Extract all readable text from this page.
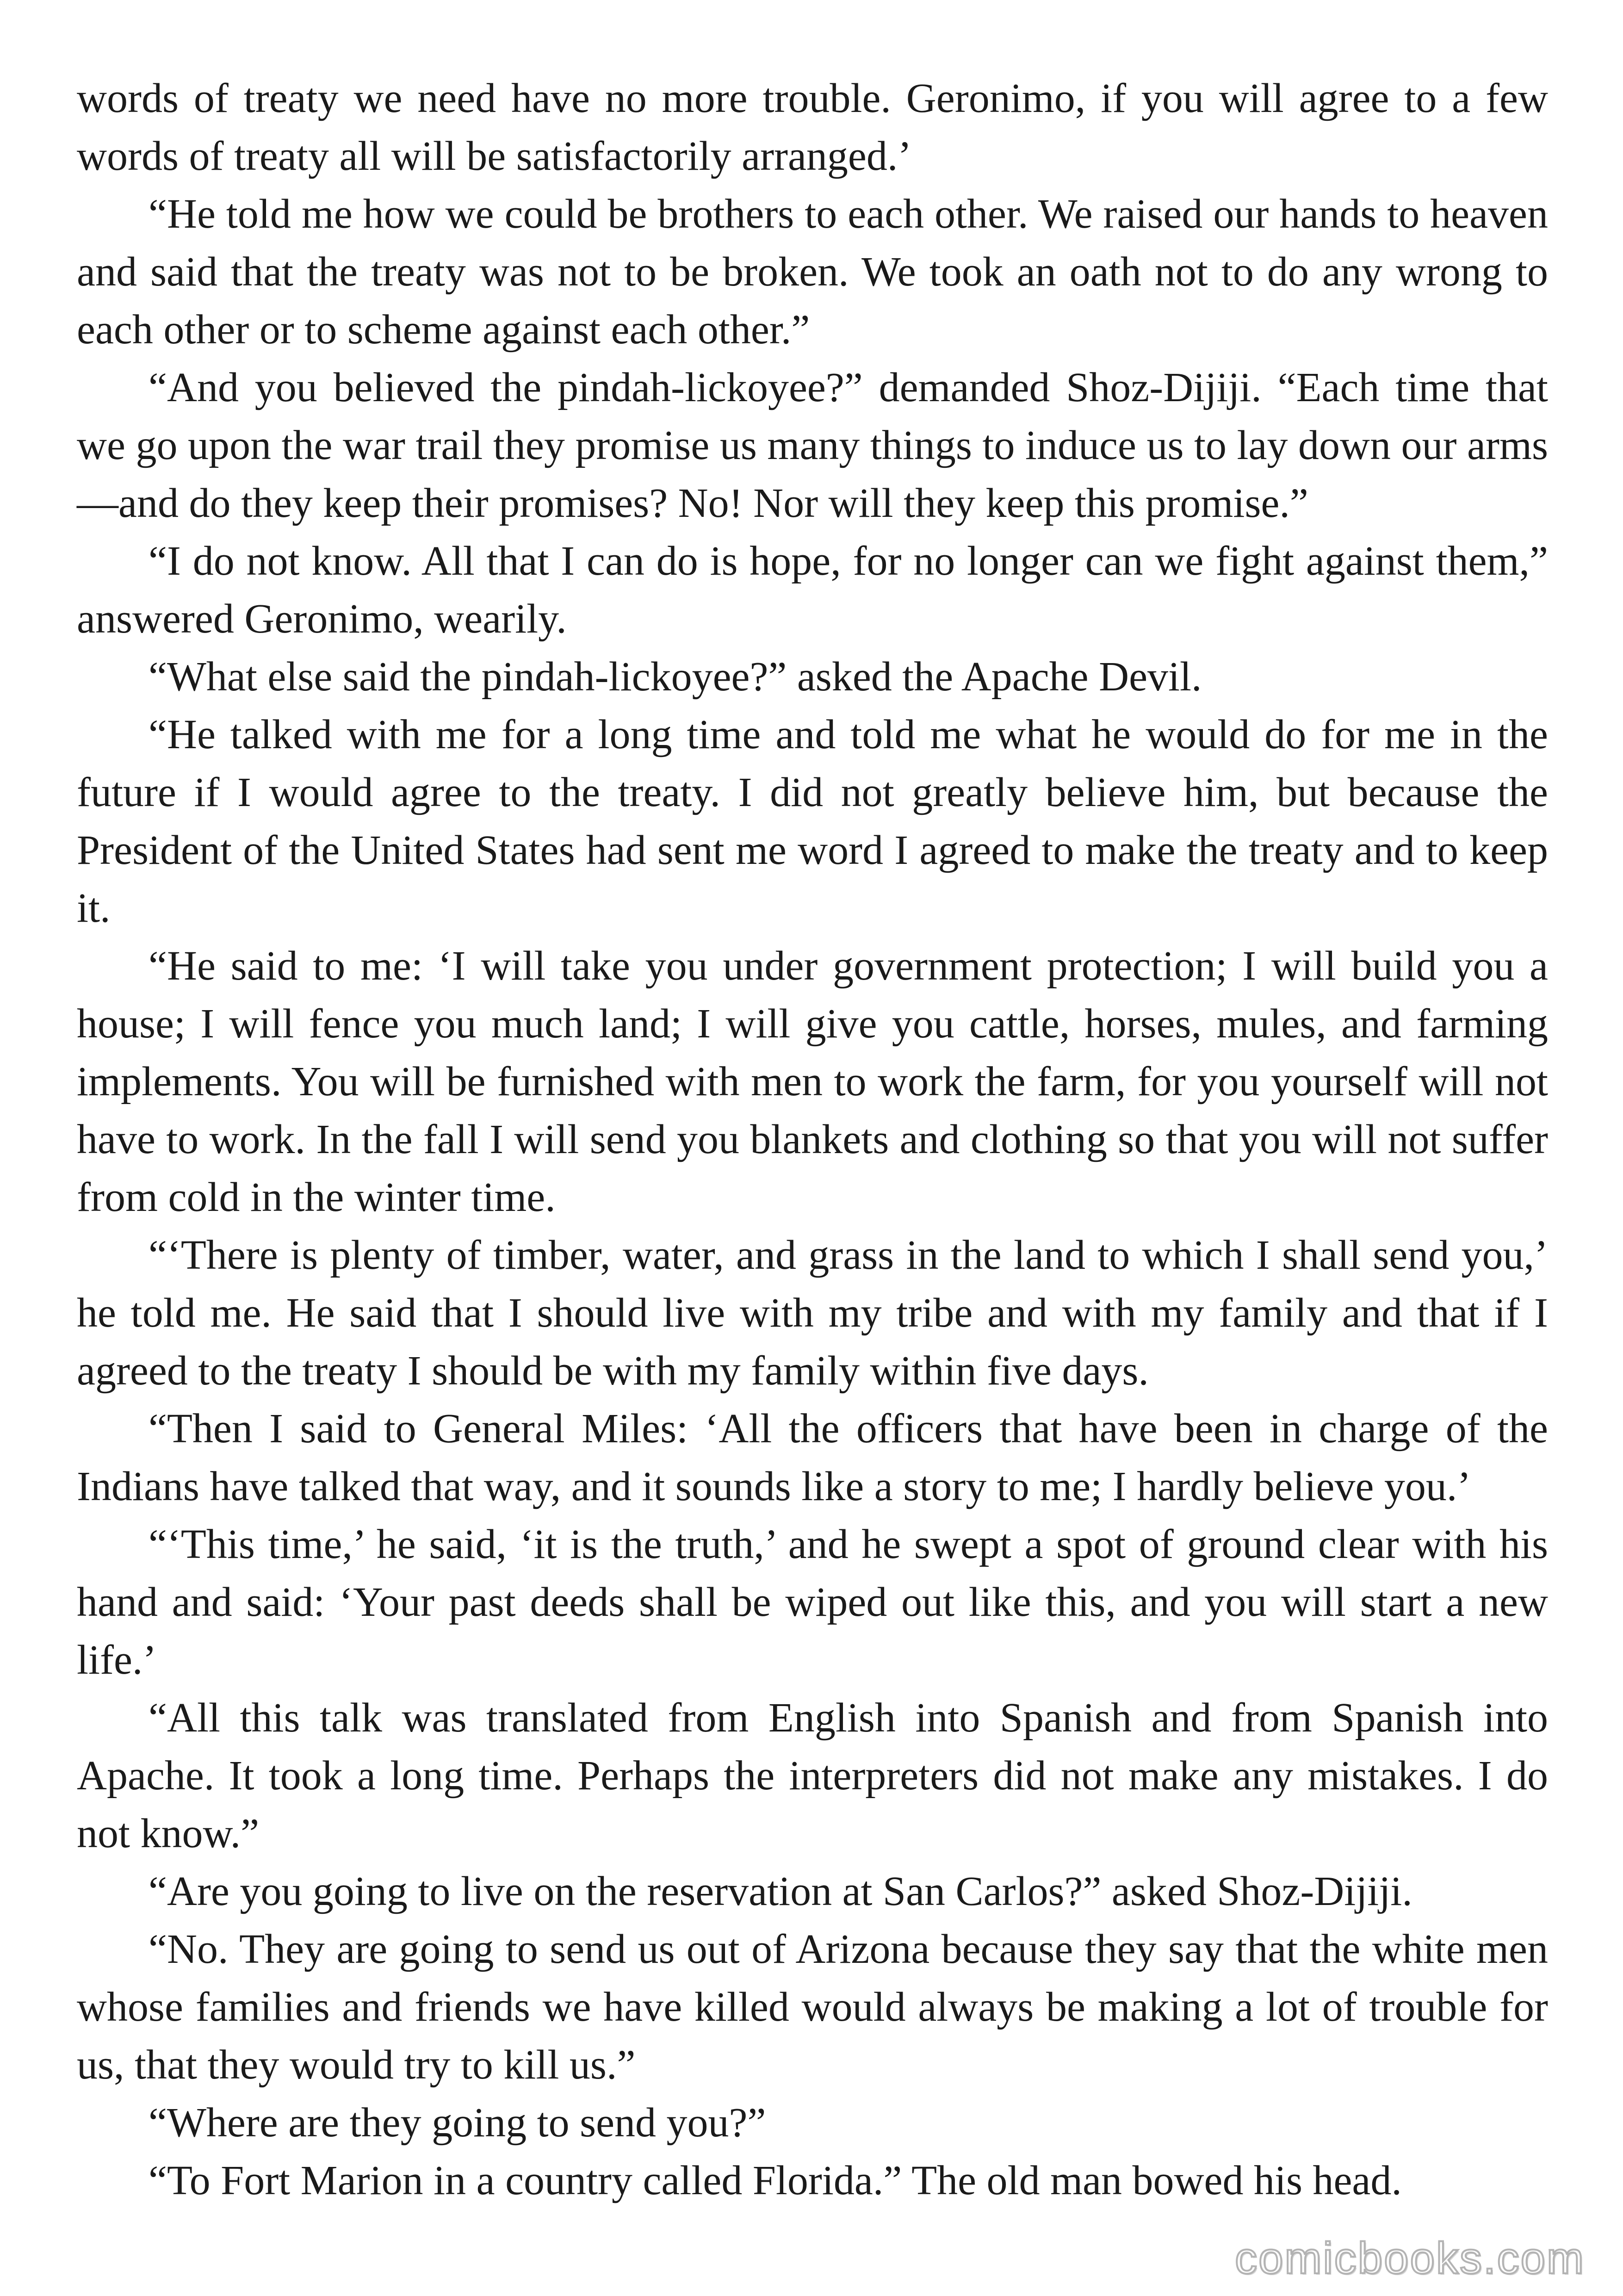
words of treaty we need have no more trouble. Geronimo, if you will agree to a few words of treaty all will be satisfactorily arranged.’

“He told me how we could be brothers to each other. We raised our hands to heaven and said that the treaty was not to be broken. We took an oath not to do any wrong to each other or to scheme against each other.”

“And you believed the pindah-lickoyee?” demanded Shoz-Dijiji. “Each time that we go upon the war trail they promise us many things to induce us to lay down our arms—and do they keep their promises? No! Nor will they keep this promise.”

“I do not know. All that I can do is hope, for no longer can we fight against them,” answered Geronimo, wearily.

“What else said the pindah-lickoyee?” asked the Apache Devil.

“He talked with me for a long time and told me what he would do for me in the future if I would agree to the treaty. I did not greatly believe him, but because the President of the United States had sent me word I agreed to make the treaty and to keep it.

“He said to me: ‘I will take you under government protection; I will build you a house; I will fence you much land; I will give you cattle, horses, mules, and farming implements. You will be furnished with men to work the farm, for you yourself will not have to work. In the fall I will send you blankets and clothing so that you will not suffer from cold in the winter time.

“‘There is plenty of timber, water, and grass in the land to which I shall send you,’ he told me. He said that I should live with my tribe and with my family and that if I agreed to the treaty I should be with my family within five days.

“Then I said to General Miles: ‘All the officers that have been in charge of the Indians have talked that way, and it sounds like a story to me; I hardly believe you.’

“‘This time,’ he said, ‘it is the truth,’ and he swept a spot of ground clear with his hand and said: ‘Your past deeds shall be wiped out like this, and you will start a new life.’

“All this talk was translated from English into Spanish and from Spanish into Apache. It took a long time. Perhaps the interpreters did not make any mistakes. I do not know.”

“Are you going to live on the reservation at San Carlos?” asked Shoz-Dijiji.

“No. They are going to send us out of Arizona because they say that the white men whose families and friends we have killed would always be making a lot of trouble for us, that they would try to kill us.”

“Where are they going to send you?”

“To Fort Marion in a country called Florida.” The old man bowed his head.

comicbooks.com
